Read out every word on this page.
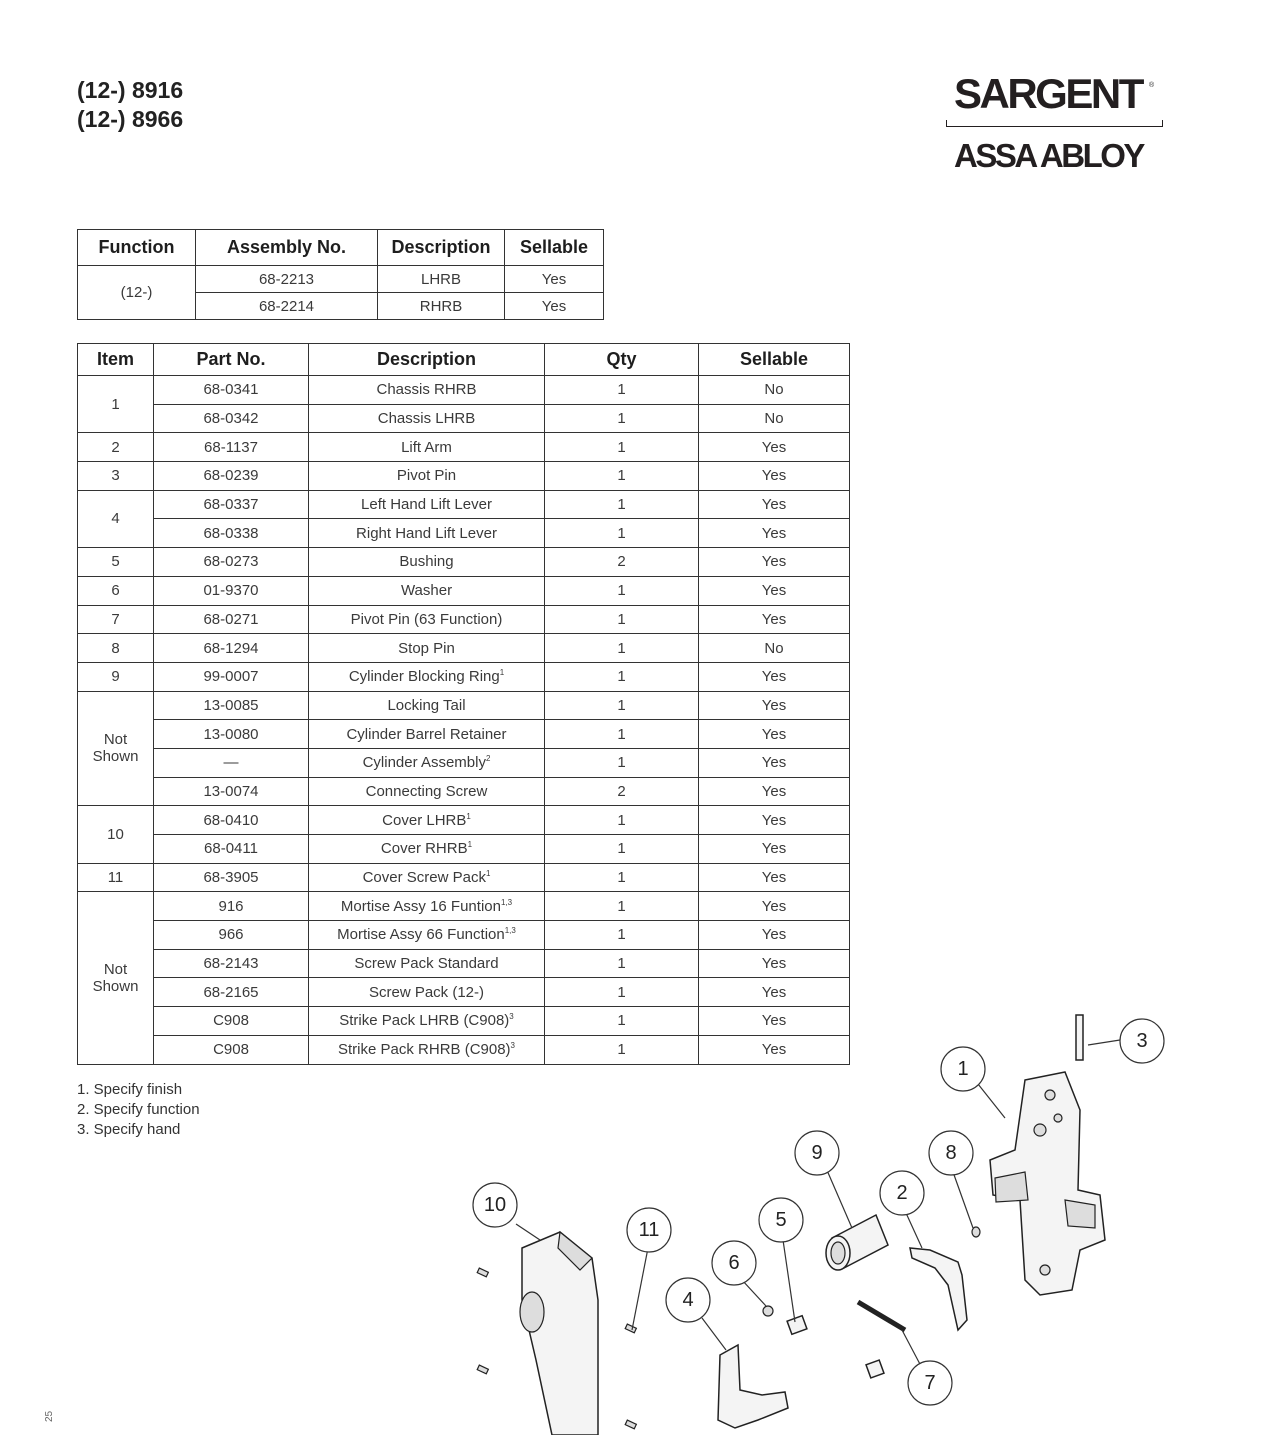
(12-) 8916
(12-) 8966
SARGENT ®
ASSA ABLOY
Function	Assembly No.	Description	Sellable
(12-)	68-2213	LHRB	Yes
	68-2214	RHRB	Yes
Item	Part No.	Description	Qty	Sellable
1	68-0341	Chassis RHRB	1	No
	68-0342	Chassis LHRB	1	No
2	68-1137	Lift Arm	1	Yes
3	68-0239	Pivot Pin	1	Yes
4	68-0337	Left Hand Lift Lever	1	Yes
	68-0338	Right Hand Lift Lever	1	Yes
5	68-0273	Bushing	2	Yes
6	01-9370	Washer	1	Yes
7	68-0271	Pivot Pin (63 Function)	1	Yes
8	68-1294	Stop Pin	1	No
9	99-0007	Cylinder Blocking Ring$^1$	1	Yes
Not Shown	13-0085	Locking Tail	1	Yes
	13-0080	Cylinder Barrel Retainer	1	Yes
	—	Cylinder Assembly$^2$	1	Yes
	13-0074	Connecting Screw	2	Yes
10	68-0410	Cover LHRB$^1$	1	Yes
	68-0411	Cover RHRB$^1$	1	Yes
11	68-3905	Cover Screw Pack$^1$	1	Yes
Not Shown	916	Mortise Assy 16 Funtion$^{1,3}$	1	Yes
	966	Mortise Assy 66 Function$^{1,3}$	1	Yes
	68-2143	Screw Pack Standard	1	Yes
	68-2165	Screw Pack (12-)	1	Yes
	C908	Strike Pack LHRB $(C908)^3$	1	Yes
	C908	Strike Pack RHRB $(C908)^3$	1	Yes
1. Specify finish
2. Specify function
3. Specify hand
25
3
1
9	8
2
10
11	5
6
4
7
